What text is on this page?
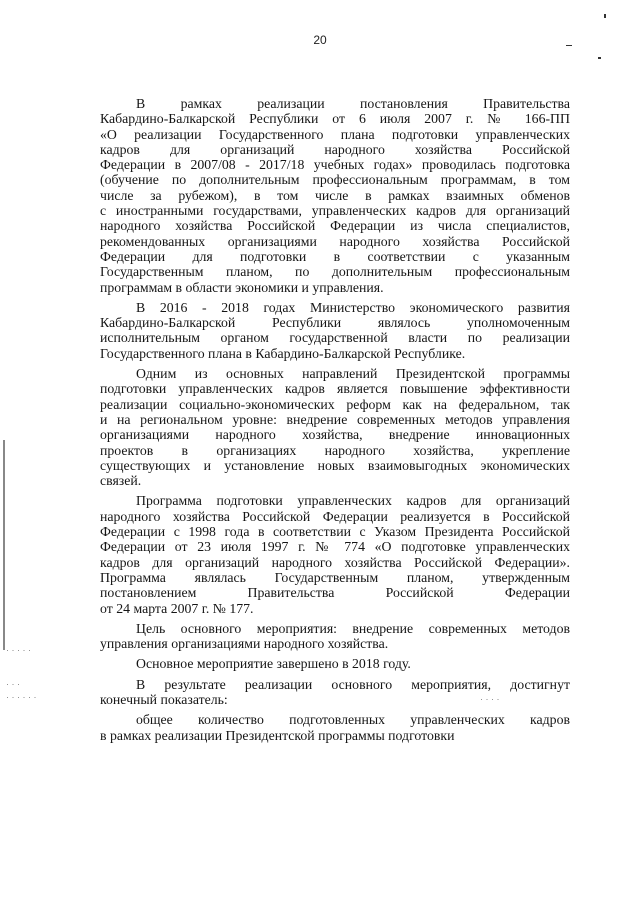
20
· · · · ·
· · ·
· · · · · ·	· · · ·
В рамках реализации постановления Правительства
Кабардино-Балкарской Республики от 6 июля 2007 г. № 166-ПП
«О реализации Государственного плана подготовки управленческих
кадров для организаций народного хозяйства Российской
Федерации в 2007/08 - 2017/18 учебных годах» проводилась подготовка
(обучение по дополнительным профессиональным программам, в том
числе за рубежом), в том числе в рамках взаимных обменов
с иностранными государствами, управленческих кадров для организаций
народного хозяйства Российской Федерации из числа специалистов,
рекомендованных организациями народного хозяйства Российской
Федерации для подготовки в соответствии с указанным
Государственным планом, по дополнительным профессиональным
программам в области экономики и управления.
В 2016 - 2018 годах Министерство экономического развития
Кабардино-Балкарской Республики являлось уполномоченным
исполнительным органом государственной власти по реализации
Государственного плана в Кабардино-Балкарской Республике.
Одним из основных направлений Президентской программы
подготовки управленческих кадров является повышение эффективности
реализации социально-экономических реформ как на федеральном, так
и на региональном уровне: внедрение современных методов управления
организациями народного хозяйства, внедрение инновационных
проектов в организациях народного хозяйства, укрепление
существующих и установление новых взаимовыгодных экономических
связей.
Программа подготовки управленческих кадров для организаций
народного хозяйства Российской Федерации реализуется в Российской
Федерации с 1998 года в соответствии с Указом Президента Российской
Федерации от 23 июля 1997 г. № 774 «О подготовке управленческих
кадров для организаций народного хозяйства Российской Федерации».
Программа являлась Государственным планом, утвержденным
постановлением Правительства Российской Федерации
от 24 марта 2007 г. № 177.
Цель основного мероприятия: внедрение современных методов
управления организациями народного хозяйства.
Основное мероприятие завершено в 2018 году.
В результате реализации основного мероприятия, достигнут
конечный показатель:
общее количество подготовленных управленческих кадров
в рамках реализации Президентской программы подготовки
